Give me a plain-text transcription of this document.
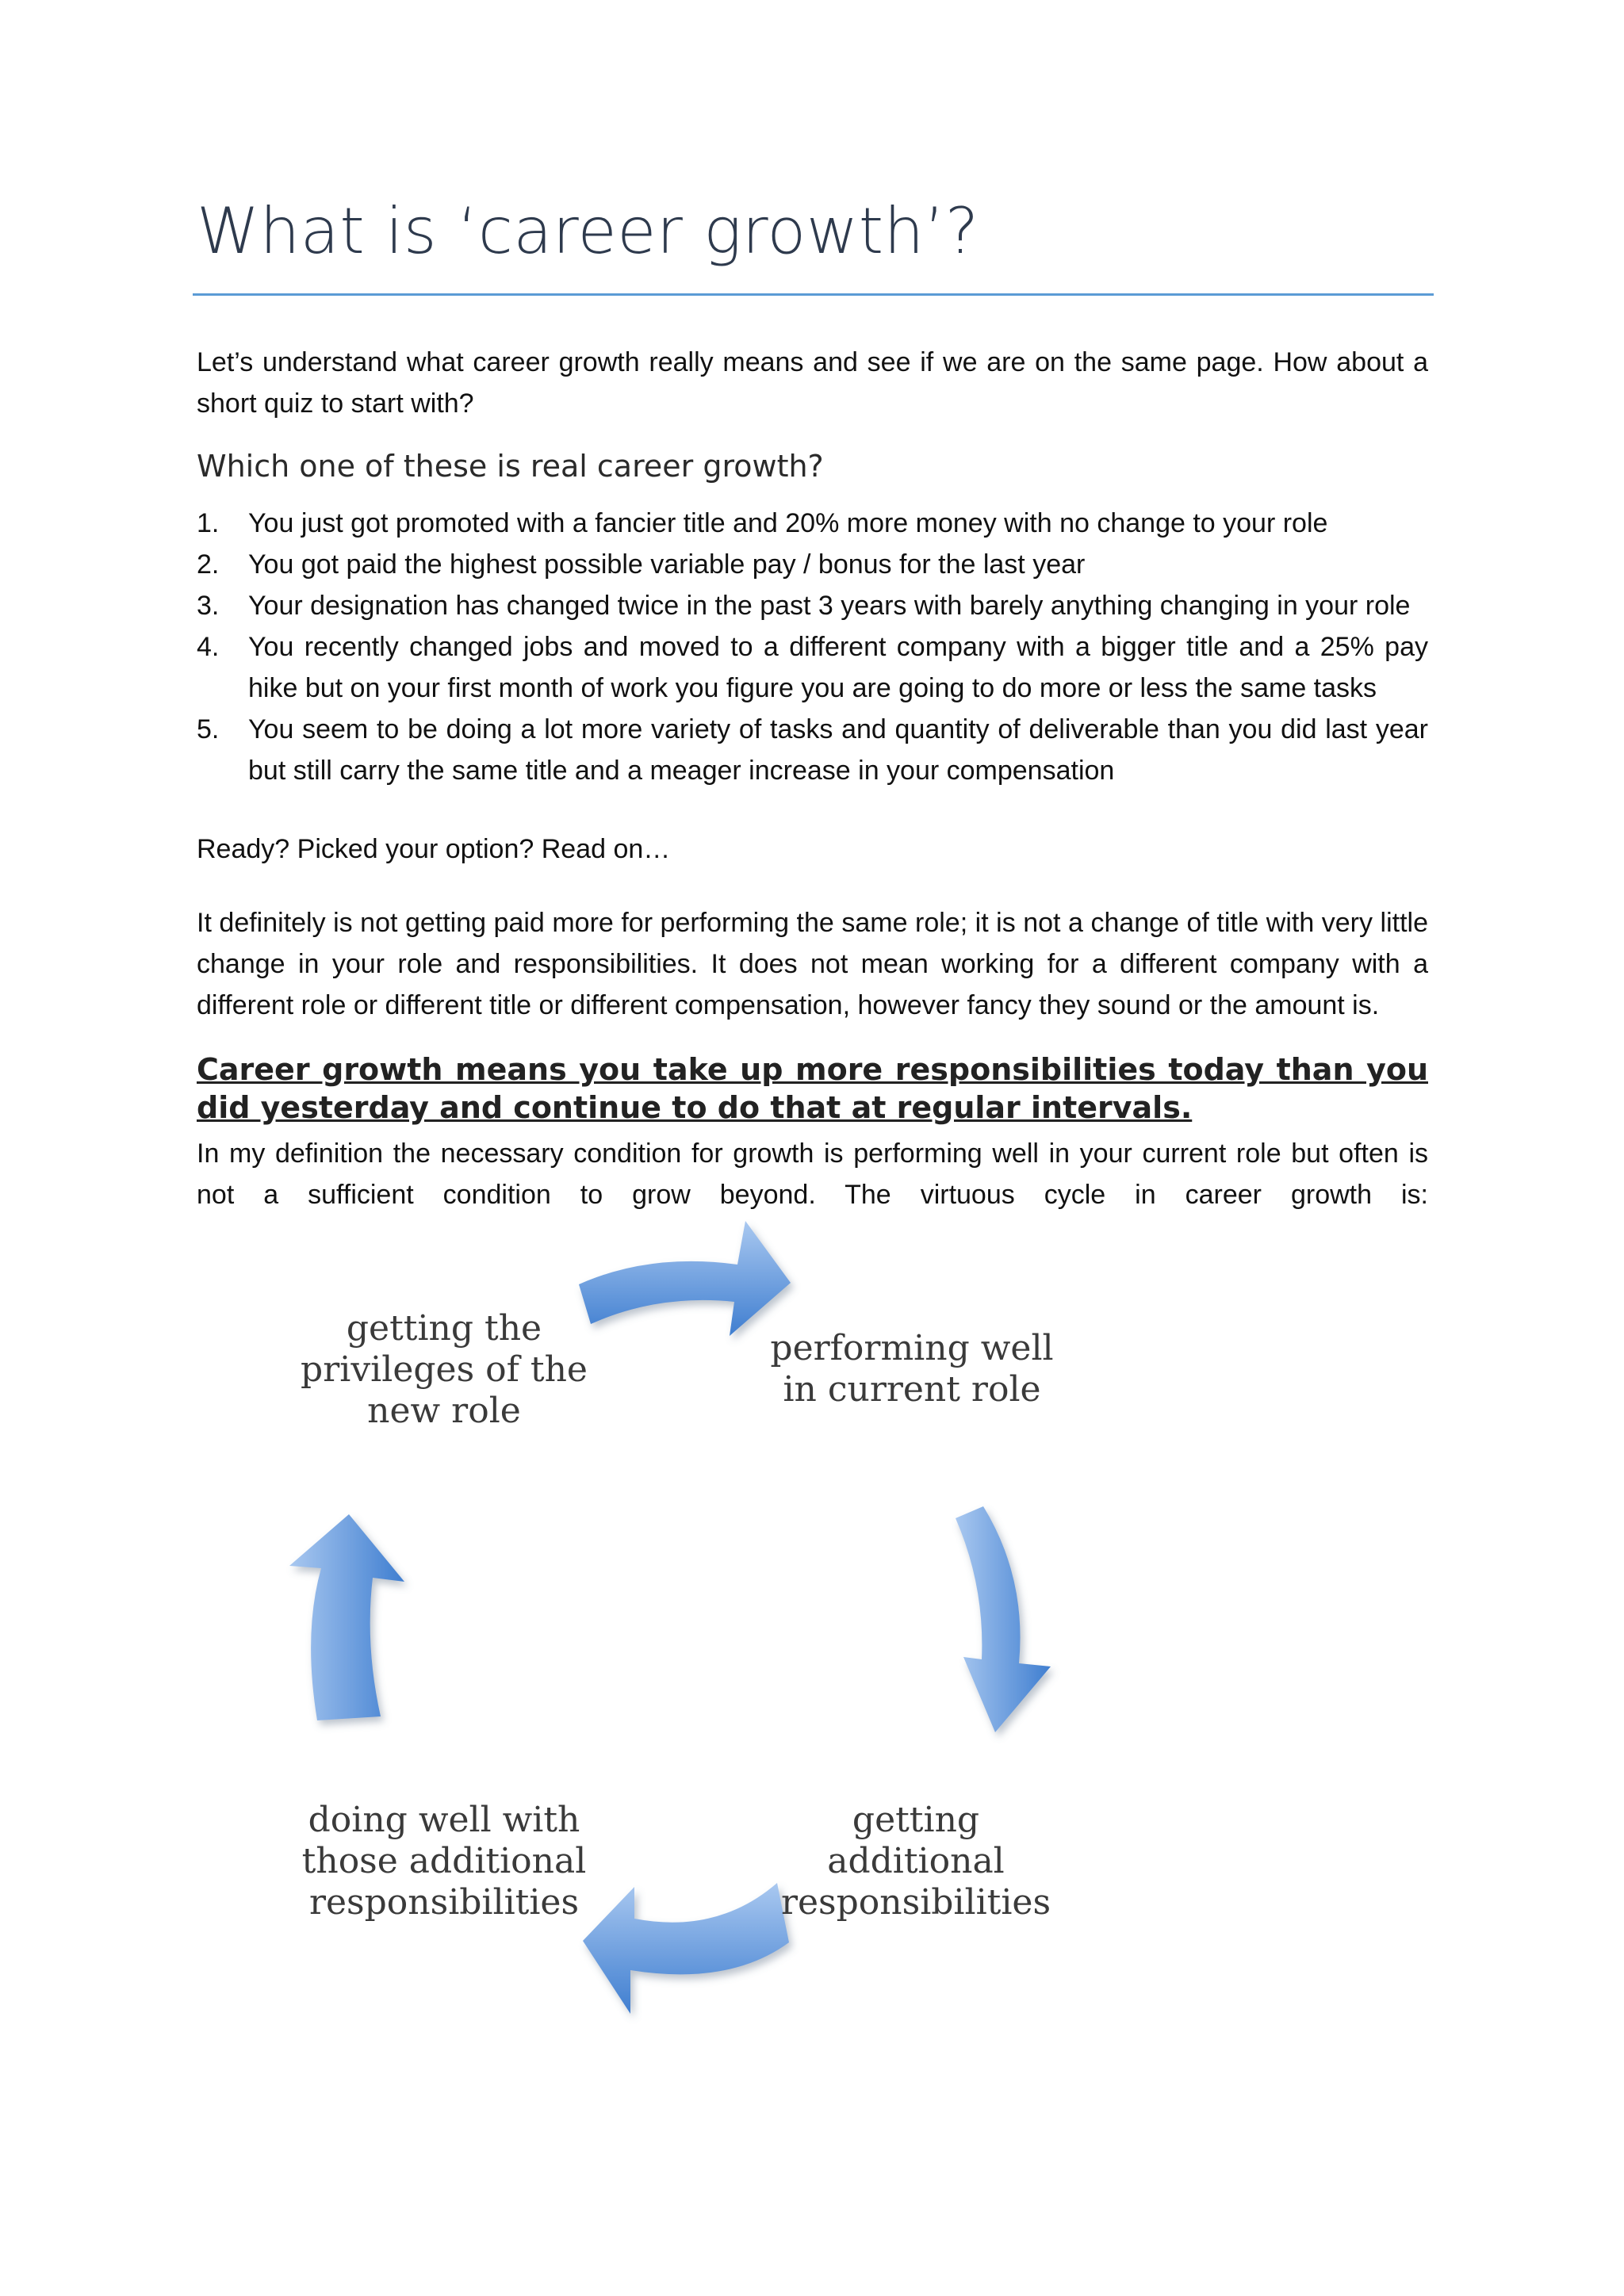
What is ‘career growth’?
Let’s understand what career growth really means and see if we are on the same page. How about a short quiz to start with?
Which one of these is real career growth?
1. You just got promoted with a fancier title and 20% more money with no change to your role
2. You got paid the highest possible variable pay / bonus for the last year
3. Your designation has changed twice in the past 3 years with barely anything changing in your role
4. You recently changed jobs and moved to a different company with a bigger title and a 25% pay hike but on your first month of work you figure you are going to do more or less the same tasks
5. You seem to be doing a lot more variety of tasks and quantity of deliverable than you did last year but still carry the same title and a meager increase in your compensation
Ready? Picked your option? Read on…
It definitely is not getting paid more for performing the same role; it is not a change of title with very little change in your role and responsibilities. It does not mean working for a different company with a different role or different title or different compensation, however fancy they sound or the amount is.
Career growth means you take up more responsibilities today than you did yesterday and continue to do that at regular intervals.
In my definition the necessary condition for growth is performing well in your current role but often is not a sufficient condition to grow beyond. The virtuous cycle in career growth is:
getting the
privileges of the
new role
performing well
in current role
getting
additional
responsibilities
doing well with
those additional
responsibilities
